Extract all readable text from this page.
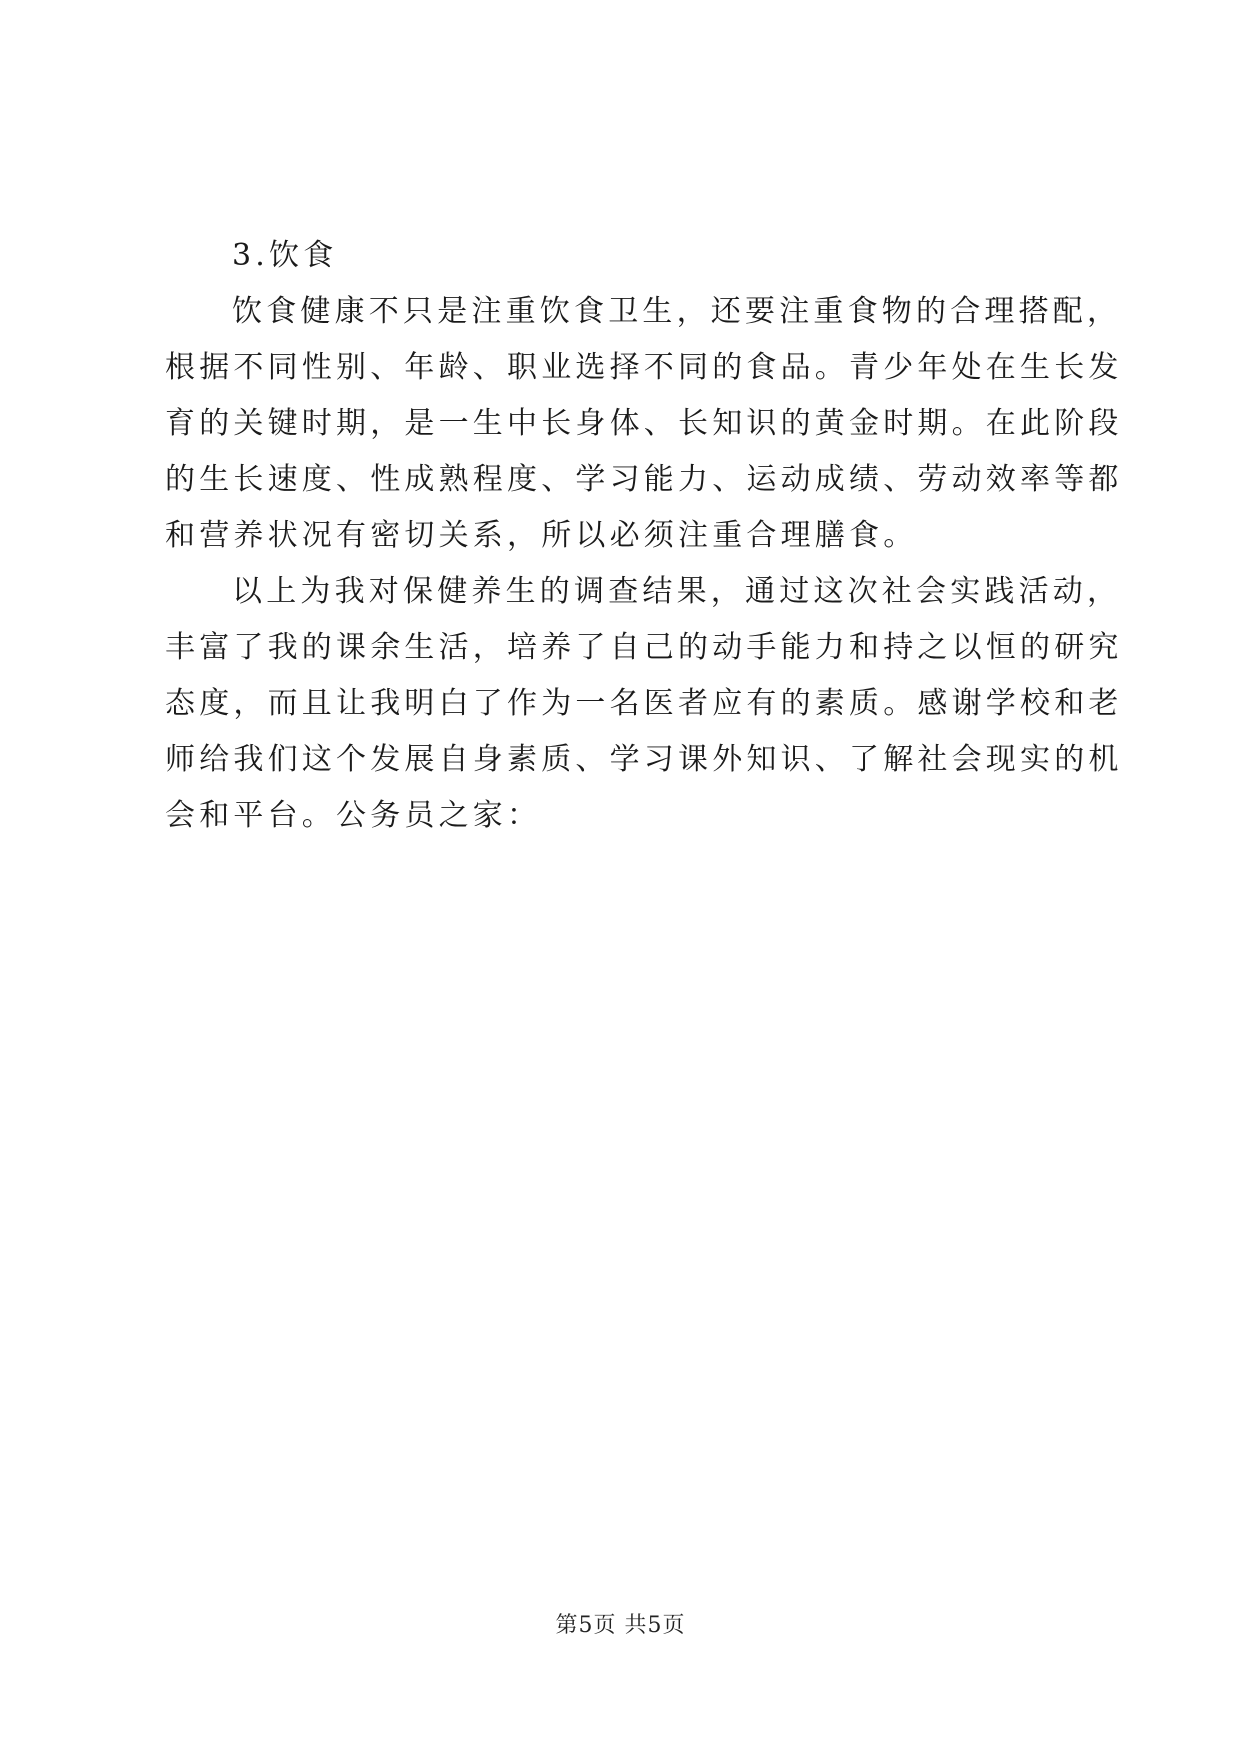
3.饮食
饮食健康不只是注重饮食卫生，还要注重食物的合理搭配，
根据不同性别、年龄、职业选择不同的食品。青少年处在生长发
育的关键时期，是一生中长身体、长知识的黄金时期。在此阶段
的生长速度、性成熟程度、学习能力、运动成绩、劳动效率等都
和营养状况有密切关系，所以必须注重合理膳食。
以上为我对保健养生的调查结果，通过这次社会实践活动，
丰富了我的课余生活，培养了自己的动手能力和持之以恒的研究
态度，而且让我明白了作为一名医者应有的素质。感谢学校和老
师给我们这个发展自身素质、学习课外知识、了解社会现实的机
会和平台。公务员之家：
第5页 共5页
